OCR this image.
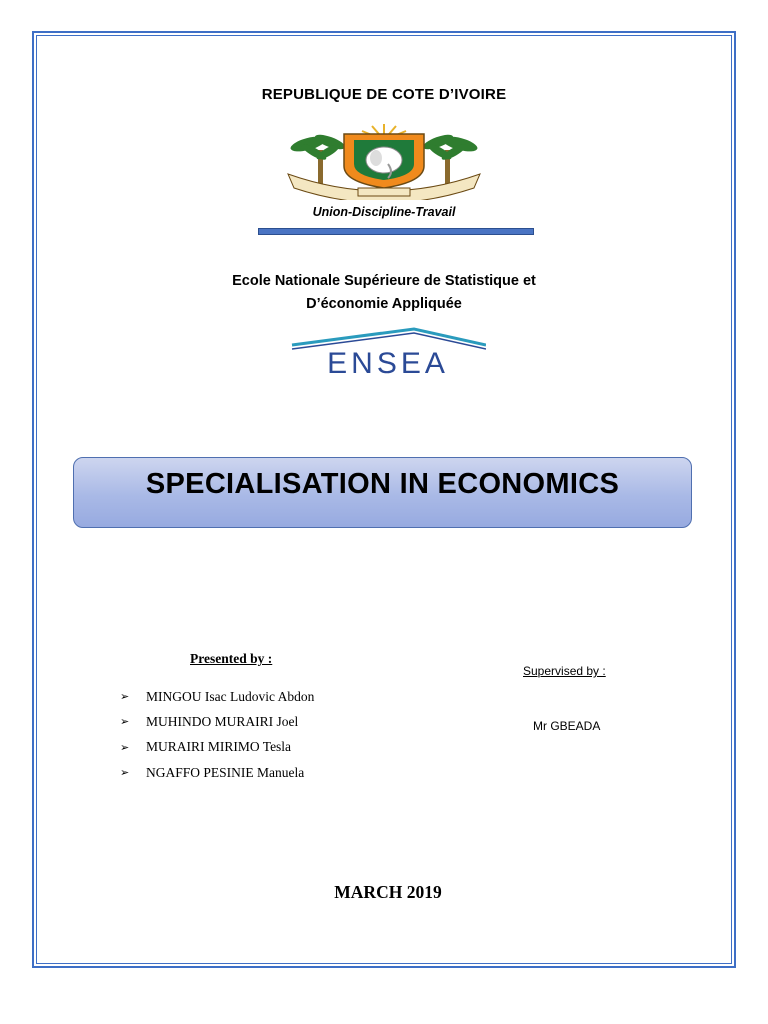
REPUBLIQUE DE COTE D’IVOIRE
Union-Discipline-Travail
Ecole Nationale Supérieure de Statistique et
D’économie Appliquée
ENSEA
SPECIALISATION IN ECONOMICS
Presented by :
➢	MINGOU Isac Ludovic Abdon
➢	MUHINDO MURAIRI Joel
➢	MURAIRI MIRIMO Tesla
➢	NGAFFO PESINIE Manuela
Supervised by :
Mr GBEADA
MARCH 2019
